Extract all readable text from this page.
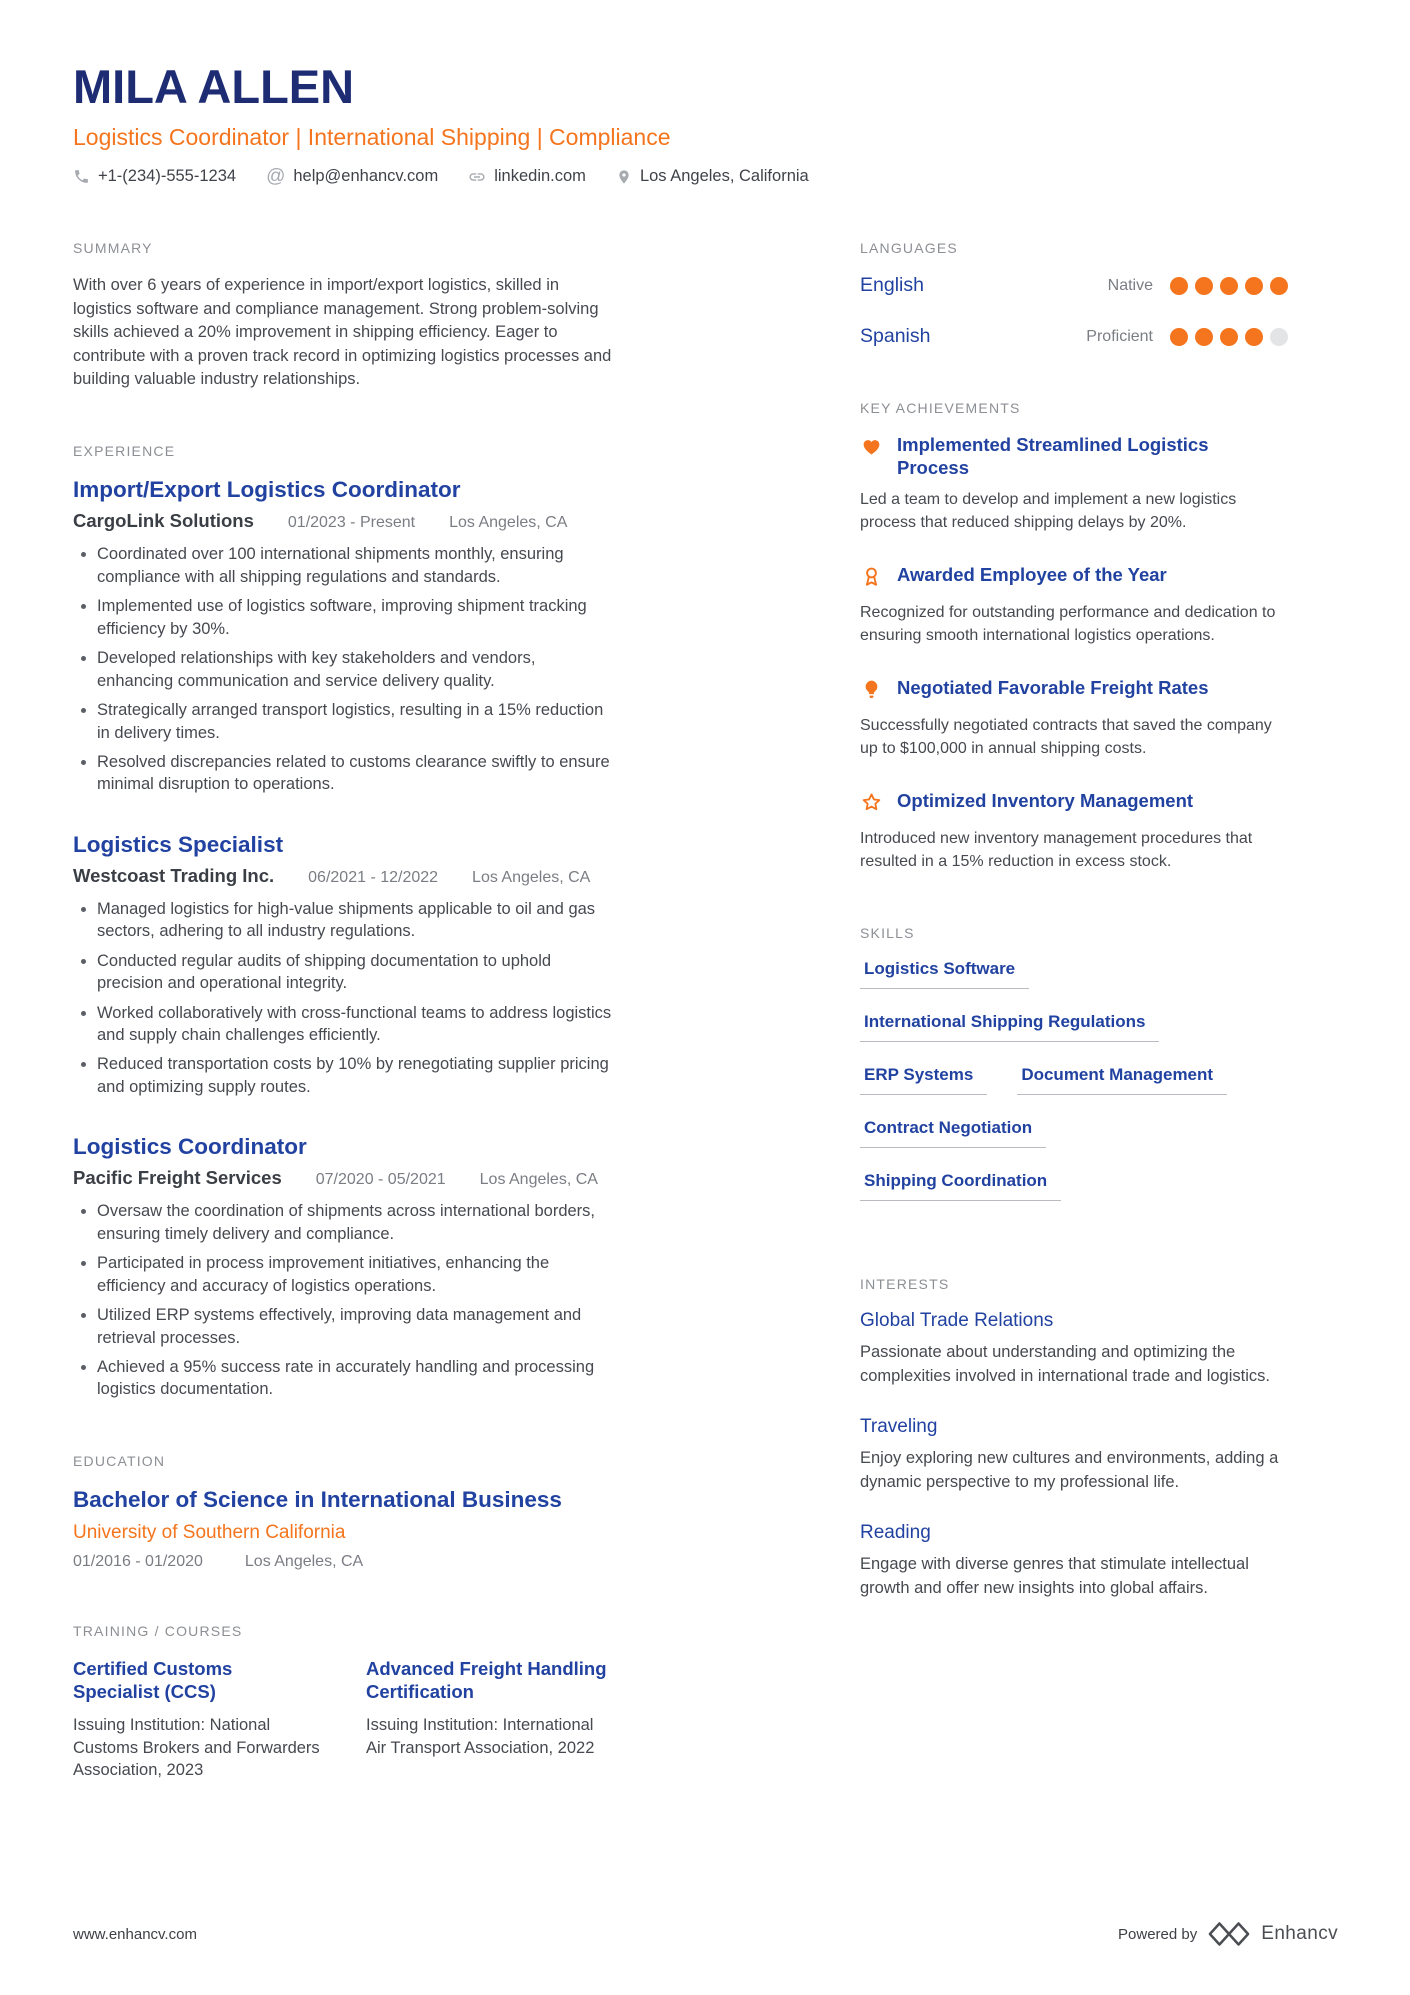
MILA ALLEN
Logistics Coordinator | International Shipping | Compliance
+1-(234)-555-1234 @ help@enhancv.com	linkedin.com	Los Angeles, California
SUMMARY

With over 6 years of experience in import/export logistics, skilled in logistics software and compliance management. Strong problem-solving skills achieved a 20% improvement in shipping efficiency. Eager to contribute with a proven track record in optimizing logistics processes and building valuable industry relationships.

EXPERIENCE
Import/Export Logistics Coordinator
CargoLink Solutions 01/2023 - Present Los Angeles, CA
• Coordinated over 100 international shipments monthly, ensuring compliance with all shipping regulations and standards.
• Implemented use of logistics software, improving shipment tracking efficiency by 30%.
• Developed relationships with key stakeholders and vendors, enhancing communication and service delivery quality.
• Strategically arranged transport logistics, resulting in a 15% reduction in delivery times.
• Resolved discrepancies related to customs clearance swiftly to ensure minimal disruption to operations.
Logistics Specialist
Westcoast Trading Inc. 06/2021 - 12/2022 Los Angeles, CA
• Managed logistics for high-value shipments applicable to oil and gas sectors, adhering to all industry regulations.
• Conducted regular audits of shipping documentation to uphold precision and operational integrity.
• Worked collaboratively with cross-functional teams to address logistics and supply chain challenges efficiently.
• Reduced transportation costs by 10% by renegotiating supplier pricing and optimizing supply routes.
Logistics Coordinator
Pacific Freight Services 07/2020 - 05/2021 Los Angeles, CA
• Oversaw the coordination of shipments across international borders, ensuring timely delivery and compliance.
• Participated in process improvement initiatives, enhancing the efficiency and accuracy of logistics operations.
• Utilized ERP systems effectively, improving data management and retrieval processes.
• Achieved a 95% success rate in accurately handling and processing logistics documentation.
EDUCATION
Bachelor of Science in International Business
University of Southern California
01/2016 - 01/2020	Los Angeles, CA
TRAINING / COURSES
Certified Customs Specialist (CCS)
Issuing Institution: National Customs Brokers and Forwarders Association, 2023
Advanced Freight Handling Certification
Issuing Institution: International Air Transport Association, 2022
LANGUAGES
English	Native
Spanish	Proficient
KEY ACHIEVEMENTS
Implemented Streamlined Logistics Process
Led a team to develop and implement a new logistics process that reduced shipping delays by 20%.
Awarded Employee of the Year
Recognized for outstanding performance and dedication to ensuring smooth international logistics operations.
Negotiated Favorable Freight Rates
Successfully negotiated contracts that saved the company up to $100,000 in annual shipping costs.
Optimized Inventory Management
Introduced new inventory management procedures that resulted in a 15% reduction in excess stock.
SKILLS
Logistics Software
International Shipping Regulations
ERP Systems	Document Management
Contract Negotiation
Shipping Coordination
INTERESTS
Global Trade Relations

Passionate about understanding and optimizing the complexities involved in international trade and logistics.

Traveling

Enjoy exploring new cultures and environments, adding a dynamic perspective to my professional life.

Reading

Engage with diverse genres that stimulate intellectual growth and offer new insights into global affairs.

www.enhancv.com	Powered by	Enhancv
